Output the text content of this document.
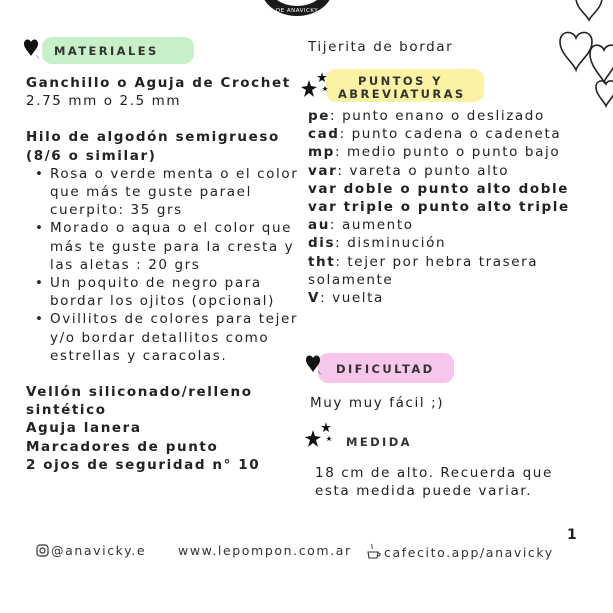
DE ANAVICKY
MATERIALES
Ganchillo o Aguja de Crochet
2.75 mm o 2.5 mm
Hilo de algodón semigrueso
(8/6 o similar)
• Rosa o verde menta o el color que más te guste parael cuerpito: 35 grs
• Morado o aqua o el color que más te guste para la cresta y las aletas : 20 grs
• Un poquito de negro para bordar los ojitos (opcional)
• Ovillitos de colores para tejer y/o bordar detallitos como estrellas y caracolas.
Vellón siliconado/relleno sintético
Aguja lanera
Marcadores de punto
2 ojos de seguridad n° 10
Tijerita de bordar
PUNTOS Y
ABREVIATURAS
pe: punto enano o deslizado
cad: punto cadena o cadeneta
mp: medio punto o punto bajo
var: vareta o punto alto
var doble o punto alto doble
var triple o punto alto triple
au: aumento
dis: disminución
tht: tejer por hebra trasera solamente
V: vuelta
DIFICULTAD
Muy muy fácil ;)
MEDIDA
18 cm de alto. Recuerda que esta medida puede variar.
1
@anavicky.e	www.lepompon.com.ar	cafecito.app/anavicky
